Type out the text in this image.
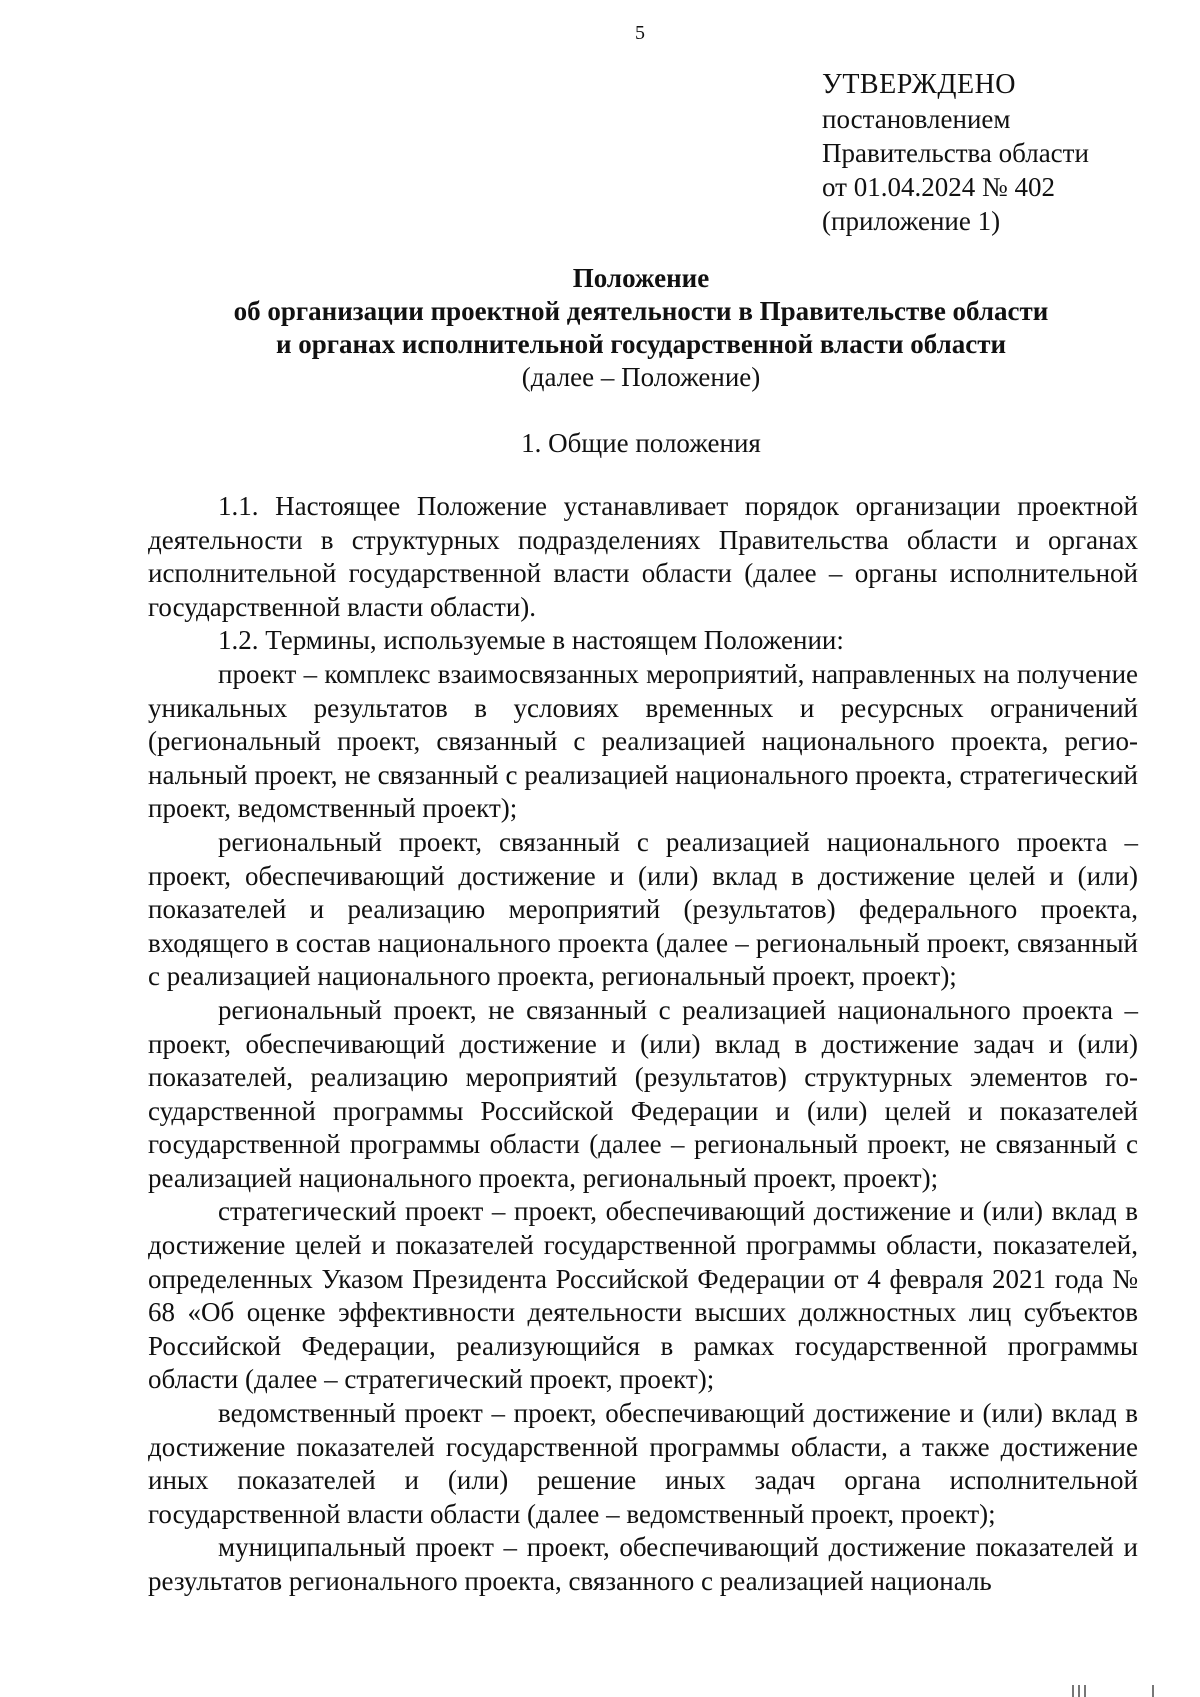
5
УТВЕРЖДЕНО
постановлением
Правительства области
от 01.04.2024 № 402
(приложение 1)
Положение
об организации проектной деятельности в Правительстве области
и органах исполнительной государственной власти области
(далее – Положение)
1. Общие положения

1.1. Настоящее Положение устанавливает порядок организации проектной деятельности в структурных подразделениях Правительства области и органах исполнительной государственной власти области (далее – органы исполнительной государственной власти области).

1.2. Термины, используемые в настоящем Положении:

проект – комплекс взаимосвязанных мероприятий, направленных на получение уникальных результатов в условиях временных и ресурсных ограничений (региональный проект, связанный с реализацией национального проекта, региональный проект, не связанный с реализацией национального проекта, стратегический проект, ведомственный проект);

региональный проект, связанный с реализацией национального проекта – проект, обеспечивающий достижение и (или) вклад в достижение целей и (или) показателей и реализацию мероприятий (результатов) федерального проекта, входящего в состав национального проекта (далее – региональный проект, связанный с реализацией национального проекта, региональный проект, проект);

региональный проект, не связанный с реализацией национального проекта – проект, обеспечивающий достижение и (или) вклад в достижение задач и (или) показателей, реализацию мероприятий (результатов) структурных элементов государственной программы Российской Федерации и (или) целей и показателей государственной программы области (далее – региональный проект, не связанный с реализацией национального проекта, региональный проект, проект);

стратегический проект – проект, обеспечивающий достижение и (или) вклад в достижение целей и показателей государственной программы области, показателей, определенных Указом Президента Российской Федерации от 4 февраля 2021 года № 68 «Об оценке эффективности деятельности высших должностных лиц субъектов Российской Федерации, реализующийся в рамках государственной программы области (далее – стратегический проект, проект);

ведомственный проект – проект, обеспечивающий достижение и (или) вклад в достижение показателей государственной программы области, а также достижение иных показателей и (или) решение иных задач органа исполнительной государственной власти области (далее – ведомственный проект, проект);

муниципальный проект – проект, обеспечивающий достижение показателей и результатов регионального проекта, связанного с реализацией националь
